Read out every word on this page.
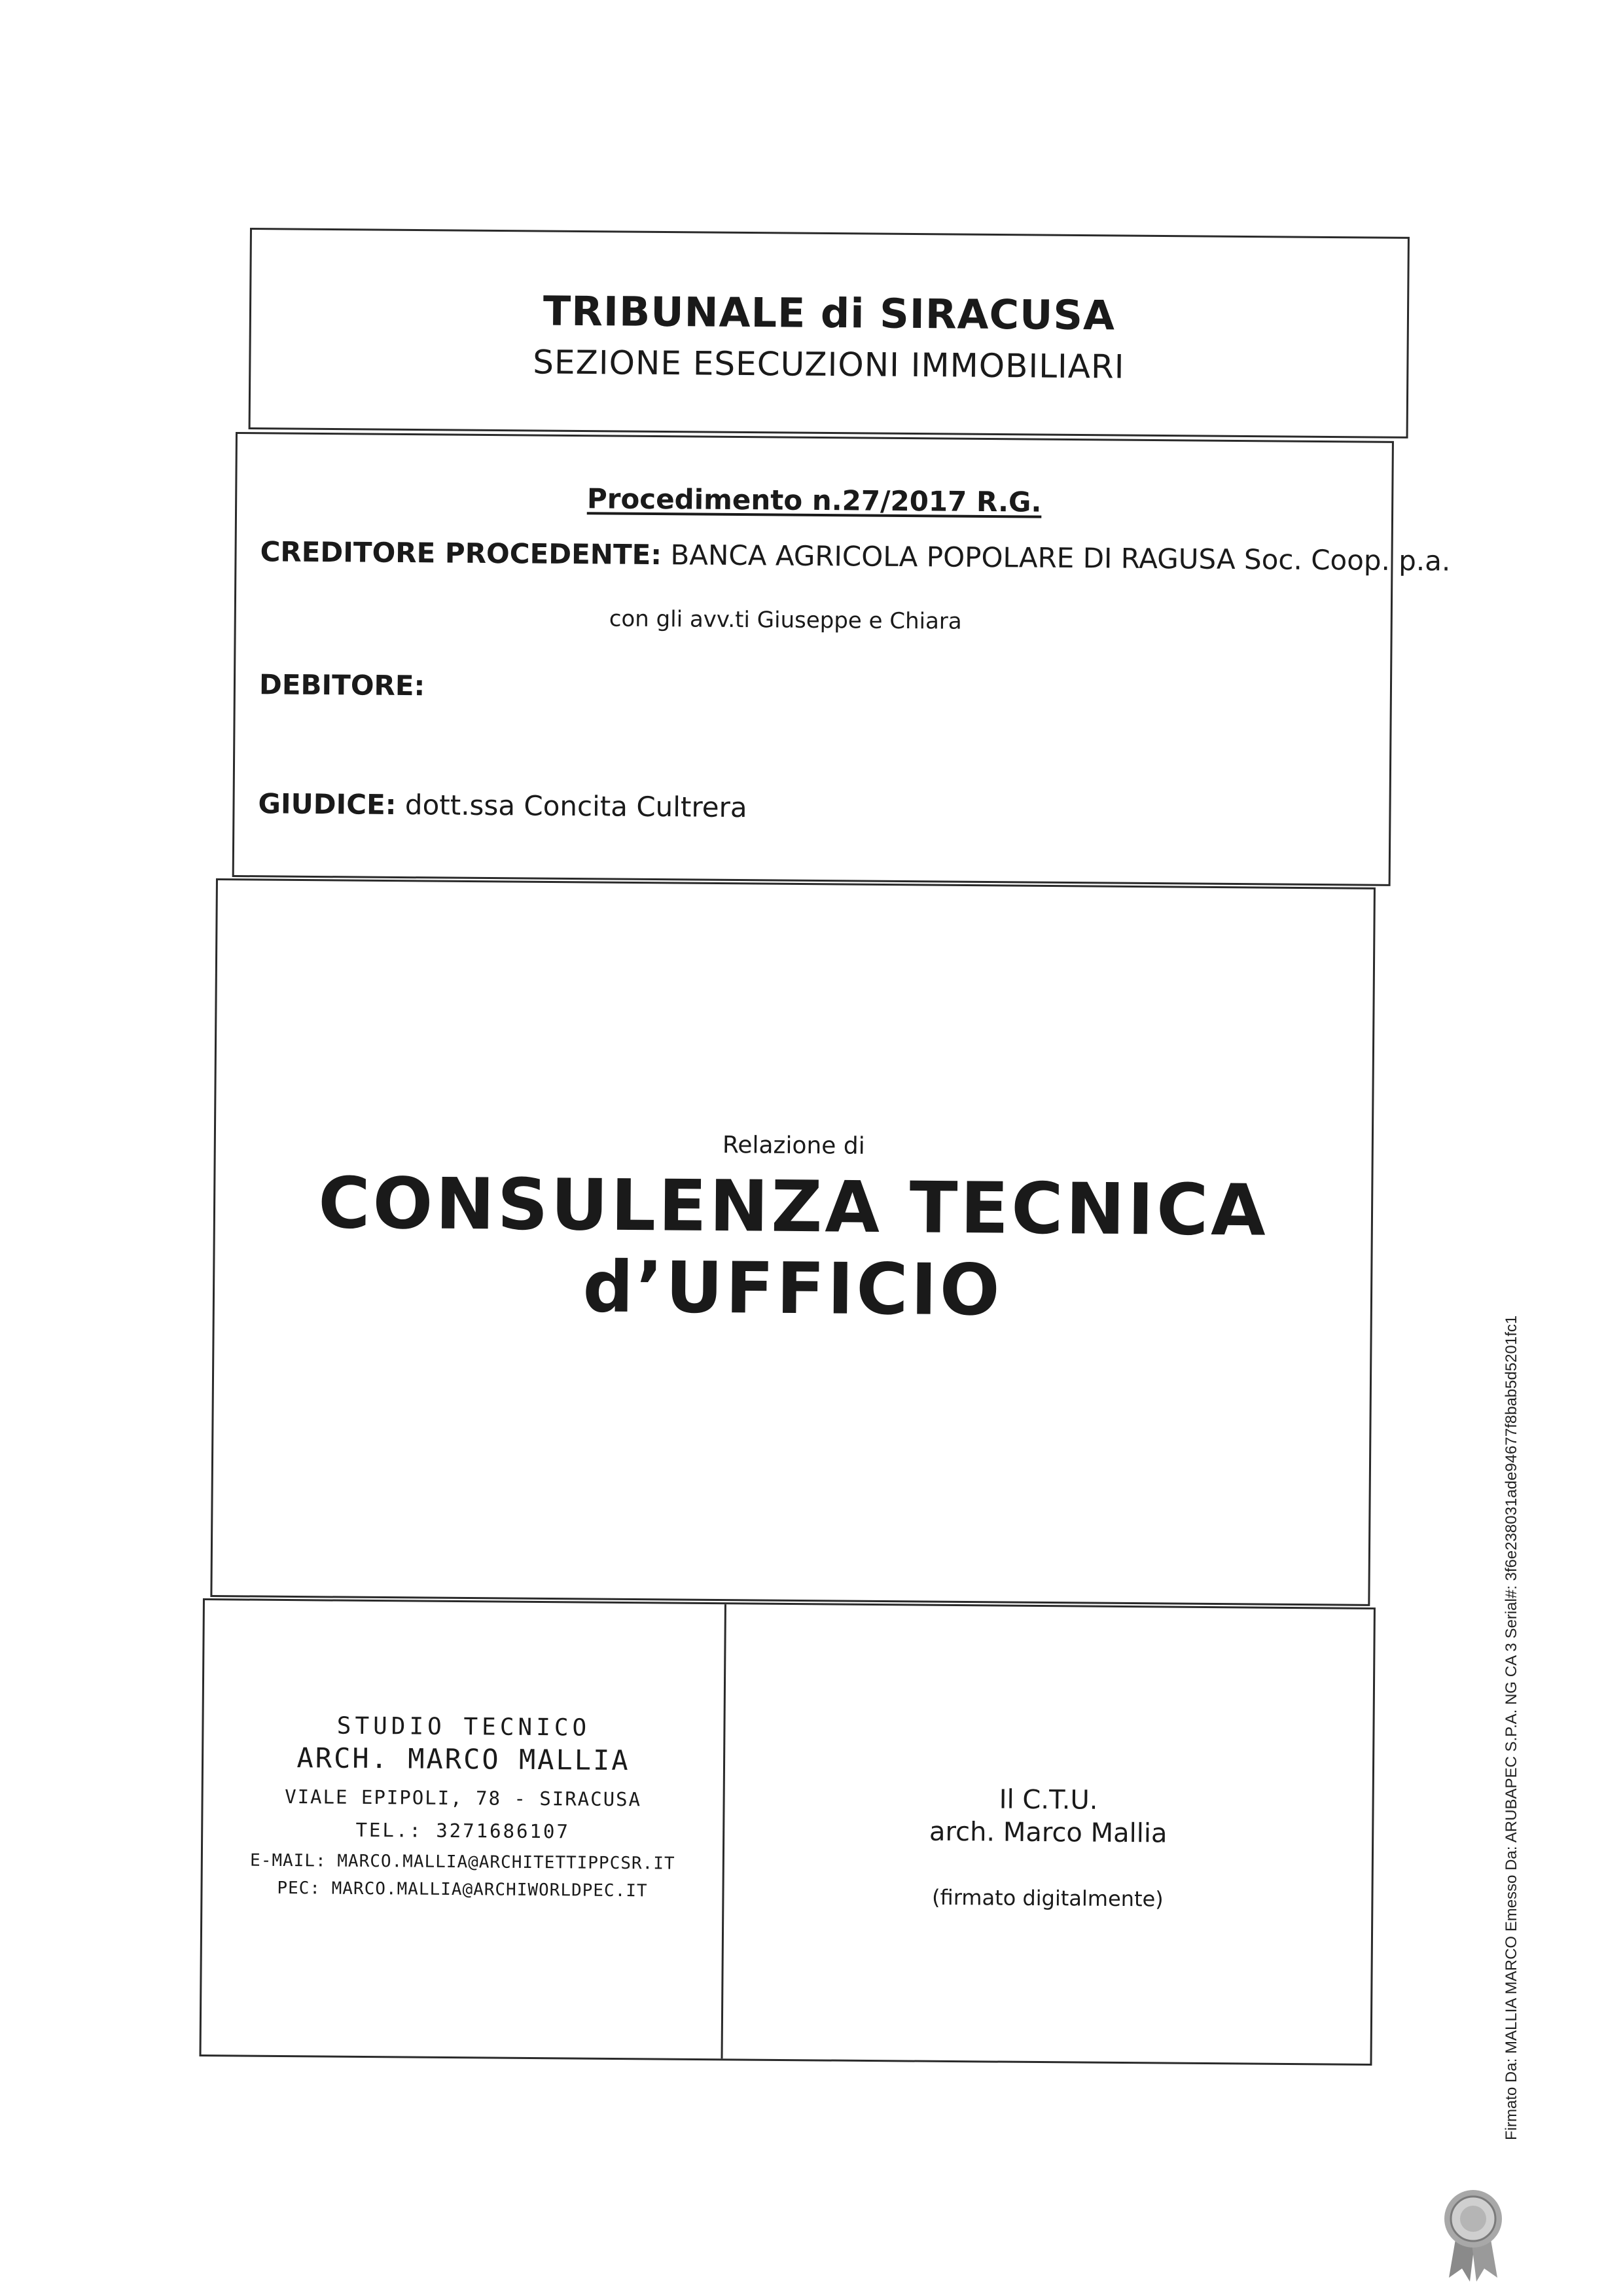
TRIBUNALE di SIRACUSA
SEZIONE ESECUZIONI IMMOBILIARI
Procedimento n.27/2017 R.G.
CREDITORE PROCEDENTE: BANCA AGRICOLA POPOLARE DI RAGUSA Soc. Coop. p.a.
con gli avv.ti Giuseppe e Chiara
DEBITORE:
GIUDICE: dott.ssa Concita Cultrera
Relazione di
CONSULENZA TECNICA d’UFFICIO
STUDIO TECNICO
ARCH. MARCO MALLIA
VIALE EPIPOLI, 78 - SIRACUSA
TEL.: 3271686107
E-MAIL: MARCO.MALLIA@ARCHITETTIPPCSR.IT
PEC: MARCO.MALLIA@ARCHIWORLDPEC.IT
Il C.T.U.
arch. Marco Mallia
(firmato digitalmente)	Firmato Da: MALLIA MARCO Emesso Da: ARUBAPEC S.P.A. NG CA 3 Serial#: 3f6e238031ade94677f8bab5d5201fc1
